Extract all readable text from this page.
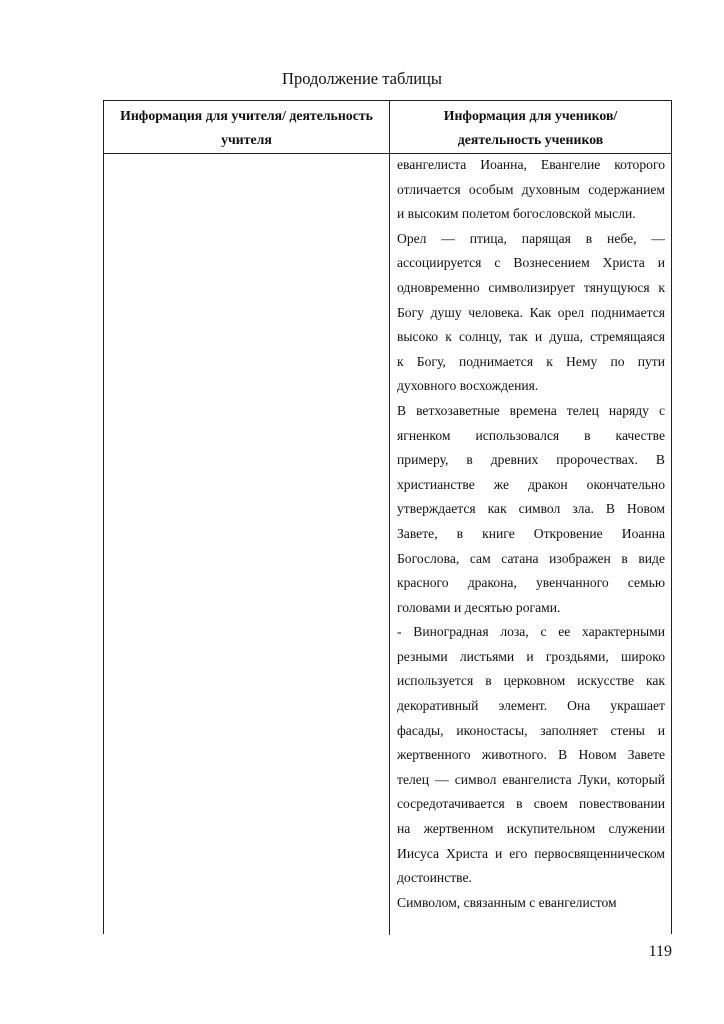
Продолжение таблицы
Информация для учителя/ деятельность
учителя
Информация для учеников/
деятельность учеников
евангелиста Иоанна, Евангелие которого
отличается особым духовным содержанием
и высоким полетом богословской мысли.
Орел — птица, парящая в небе, —
ассоциируется с Вознесением Христа и
одновременно символизирует тянущуюся к
Богу душу человека. Как орел поднимается
высоко к солнцу, так и душа, стремящаяся
к Богу, поднимается к Нему по пути
духовного восхождения.
В ветхозаветные времена телец наряду с
ягненком использовался в качестве
примеру, в древних пророчествах. В
христианстве же дракон окончательно
утверждается как символ зла. В Новом
Завете, в книге Откровение Иоанна
Богослова, сам сатана изображен в виде
красного дракона, увенчанного семью
головами и десятью рогами.
- Виноградная лоза, с ее характерными
резными листьями и гроздьями, широко
используется в церковном искусстве как
декоративный элемент. Она украшает
фасады, иконостасы, заполняет стены и
жертвенного животного. В Новом Завете
телец — символ евангелиста Луки, который
сосредотачивается в своем повествовании
на жертвенном искупительном служении
Иисуса Христа и его первосвященническом
достоинстве.
Символом, связанным с евангелистом
119
